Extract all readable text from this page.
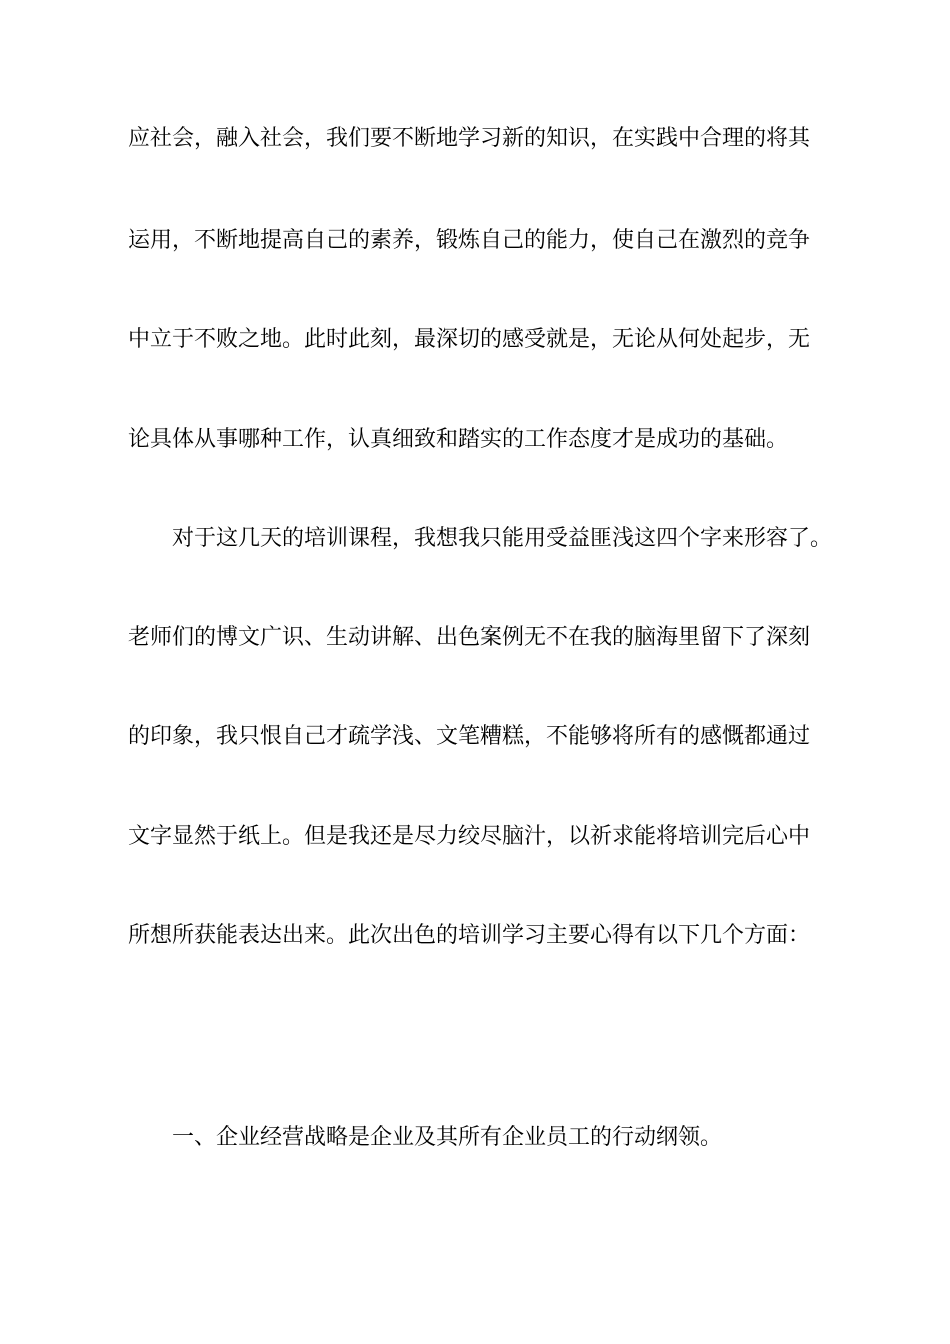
应社会，融入社会，我们要不断地学习新的知识，在实践中合理的将其
运用，不断地提高自己的素养，锻炼自己的能力，使自己在激烈的竞争
中立于不败之地。此时此刻，最深切的感受就是，无论从何处起步，无
论具体从事哪种工作，认真细致和踏实的工作态度才是成功的基础。
对于这几天的培训课程，我想我只能用受益匪浅这四个字来形容了。
老师们的博文广识、生动讲解、出色案例无不在我的脑海里留下了深刻
的印象，我只恨自己才疏学浅、文笔糟糕，不能够将所有的感慨都通过
文字显然于纸上。但是我还是尽力绞尽脑汁，以祈求能将培训完后心中
所想所获能表达出来。此次出色的培训学习主要心得有以下几个方面：
一、企业经营战略是企业及其所有企业员工的行动纲领。
